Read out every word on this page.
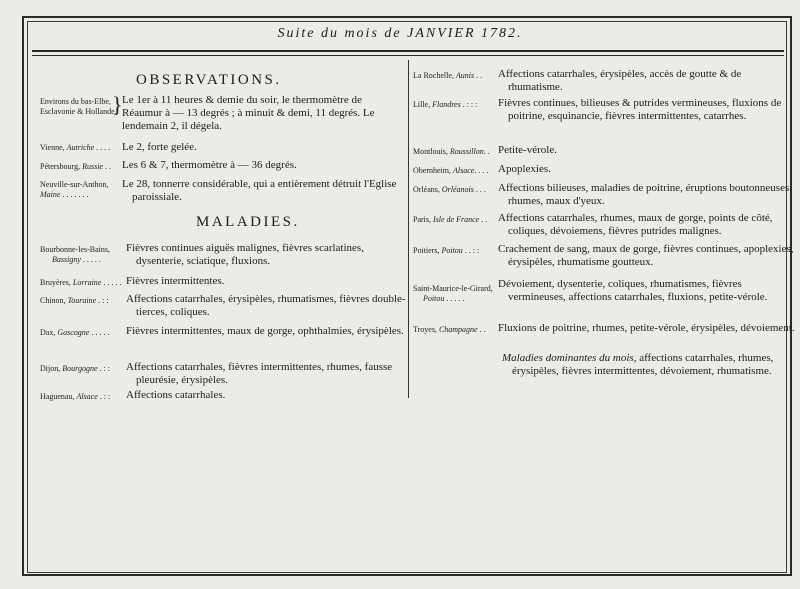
Suite du mois de JANVIER 1782.
OBSERVATIONS.
Environs du bas-Elbe, Esclavonie & Hollande.
} Le 1er à 11 heures & demie du soir, le thermomètre de Réaumur à — 13 degrés ; à minuit & demi, 11 degrés. Le lendemain 2, il dégela.
Vienne, Autriche . . . . Le 2, forte gelée.
Pétersbourg, Russie . . Les 6 & 7, thermomètre à — 36 degrés.
Neuville-sur-Anthon,
Maine . . . . . . .
Le 28, tonnerre considérable, qui a entièrement détruit l'Eglise paroissiale.
MALADIES.
Bourbonne-les-Bains,
Bassigny . . . . .
Fièvres continues aiguës malignes, fièvres scarlatines, dysenterie, sciatique, fluxions.
Bruyères, Lorraine . . . . . Fièvres intermittentes.
Chinon, Touraine . : : Affections catarrhales, érysipèles, rhumatismes, fièvres double-tierces, coliques.
Dax, Gascogne . . . . . Fièvres intermittentes, maux de gorge, ophthalmies, érysipèles.
Dijon, Bourgogne . : : Affections catarrhales, fièvres intermittentes, rhumes, fausse pleurésie, érysipèles.
Haguenau, Alsace . : : Affections catarrhales.
La Rochelle, Aunis . . Affections catarrhales, érysipèles, accès de goutte & de rhumatisme.
Lille, Flandres . : : : Fièvres continues, bilieuses & putrides vermineuses, fluxions de poitrine, esquinancie, fièvres intermittentes, catarrhes.
Montlouis, Roussillon. . Petite-vérole.
Obernheim, Alsace. . . . Apoplexies.
Orléans, Orléanois . . . Affections bilieuses, maladies de poitrine, éruptions boutonneuses, rhumes, maux d'yeux.
Paris, Isle de France . . Affections catarrhales, rhumes, maux de gorge, points de côté, coliques, dévoiemens, fièvres putrides malignes.
Poitiers, Poitou . . : : Crachement de sang, maux de gorge, fièvres continues, apoplexies, érysipèles, rhumatisme goutteux.
Saint-Maurice-le-Girard,
Poitou . . . . .
Dévoiement, dysenterie, coliques, rhumatismes, fièvres vermineuses, affections catarrhales, fluxions, petite-vérole.
Troyes, Champagne . . Fluxions de poitrine, rhumes, petite-vérole, érysipèles, dévoiement.
Maladies dominantes du mois, affections catarrhales, rhumes, érysipèles, fièvres intermittentes, dévoiement, rhumatisme.
